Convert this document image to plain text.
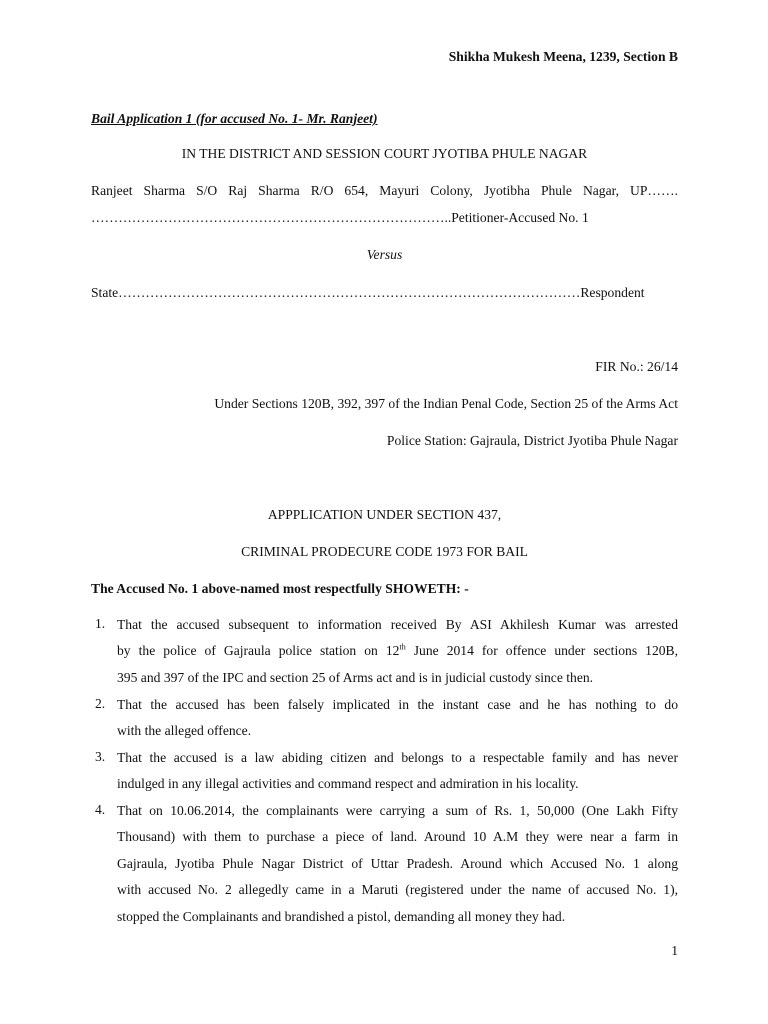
Shikha Mukesh Meena, 1239, Section B
Bail Application 1 (for accused No. 1- Mr. Ranjeet)
IN THE DISTRICT AND SESSION COURT JYOTIBA PHULE NAGAR
Ranjeet Sharma S/O Raj Sharma R/O 654, Mayuri Colony, Jyotibha Phule Nagar, UP…….
……………………………………………………………………..Petitioner-Accused No. 1
Versus
State…………………………………………………………………………………………Respondent
FIR No.: 26/14
Under Sections 120B, 392, 397 of the Indian Penal Code, Section 25 of the Arms Act
Police Station: Gajraula, District Jyotiba Phule Nagar
APPPLICATION UNDER SECTION 437,
CRIMINAL PRODECURE CODE 1973 FOR BAIL
The Accused No. 1 above-named most respectfully SHOWETH: -
1. That the accused subsequent to information received By ASI Akhilesh Kumar was arrested
by the police of Gajraula police station on 12th June 2014 for offence under sections 120B,
395 and 397 of the IPC and section 25 of Arms act and is in judicial custody since then.
2. That the accused has been falsely implicated in the instant case and he has nothing to do
with the alleged offence.
3. That the accused is a law abiding citizen and belongs to a respectable family and has never
indulged in any illegal activities and command respect and admiration in his locality.
4. That on 10.06.2014, the complainants were carrying a sum of Rs. 1, 50,000 (One Lakh Fifty
Thousand) with them to purchase a piece of land. Around 10 A.M they were near a farm in
Gajraula, Jyotiba Phule Nagar District of Uttar Pradesh. Around which Accused No. 1 along
with accused No. 2 allegedly came in a Maruti (registered under the name of accused No. 1),
stopped the Complainants and brandished a pistol, demanding all money they had.
1
